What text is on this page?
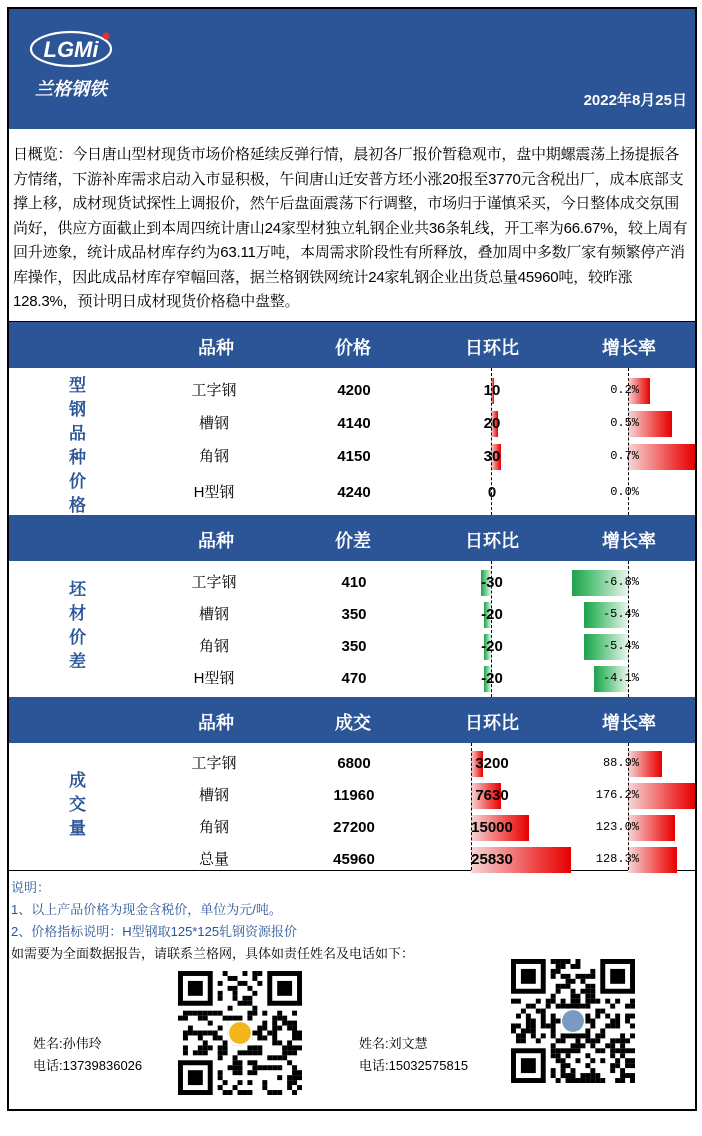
LGMi
兰格钢铁
2022年8月25日
日概览：今日唐山型材现货市场价格延续反弹行情，晨初各厂报价暂稳观市，盘中期螺震荡上扬提振各方情绪，下游补库需求启动入市显积极，午间唐山迁安普方坯小涨20报至3770元含税出厂，成本底部支撑上移，成材现货试探性上调报价，然午后盘面震荡下行调整，市场归于谨慎采买，今日整体成交氛围尚好，供应方面截止到本周四统计唐山24家型材独立轧钢企业共36条轧线，开工率为66.67%，较上周有回升迹象，统计成品材库存约为63.11万吨，本周需求阶段性有所释放，叠加周中多数厂家有频繁停产消库操作，因此成品材库存窄幅回落，据兰格钢铁网统计24家轧钢企业出货总量45960吨，较昨涨128.3%，预计明日成材现货价格稳中盘整。
品种	价格	日环比	增长率
型
钢
品
种
价
格
工字钢	4200	10	0.2%
槽钢	4140	20	0.5%
角钢	4150	30	0.7%
H型钢	4240	0	0.0%
品种	价差	日环比	增长率
坯
材
价
差
工字钢	410	-30	-6.8%
槽钢	350	-20	-5.4%
角钢	350	-20	-5.4%
H型钢	470	-20	-4.1%
品种	成交	日环比	增长率
成
交
量
工字钢	6800	3200	88.9%
槽钢	11960	7630	176.2%
角钢	27200	15000	123.0%
总量	45960	25830	128.3%
说明：
1、以上产品价格为现金含税价，单位为元/吨。
2、价格指标说明：H型钢取125*125轧钢资源报价
如需要为全面数据报告，请联系兰格网，具体如责任姓名及电话如下：
姓名:孙伟玲
电话:13739836026
姓名:刘文慧
电话:15032575815
